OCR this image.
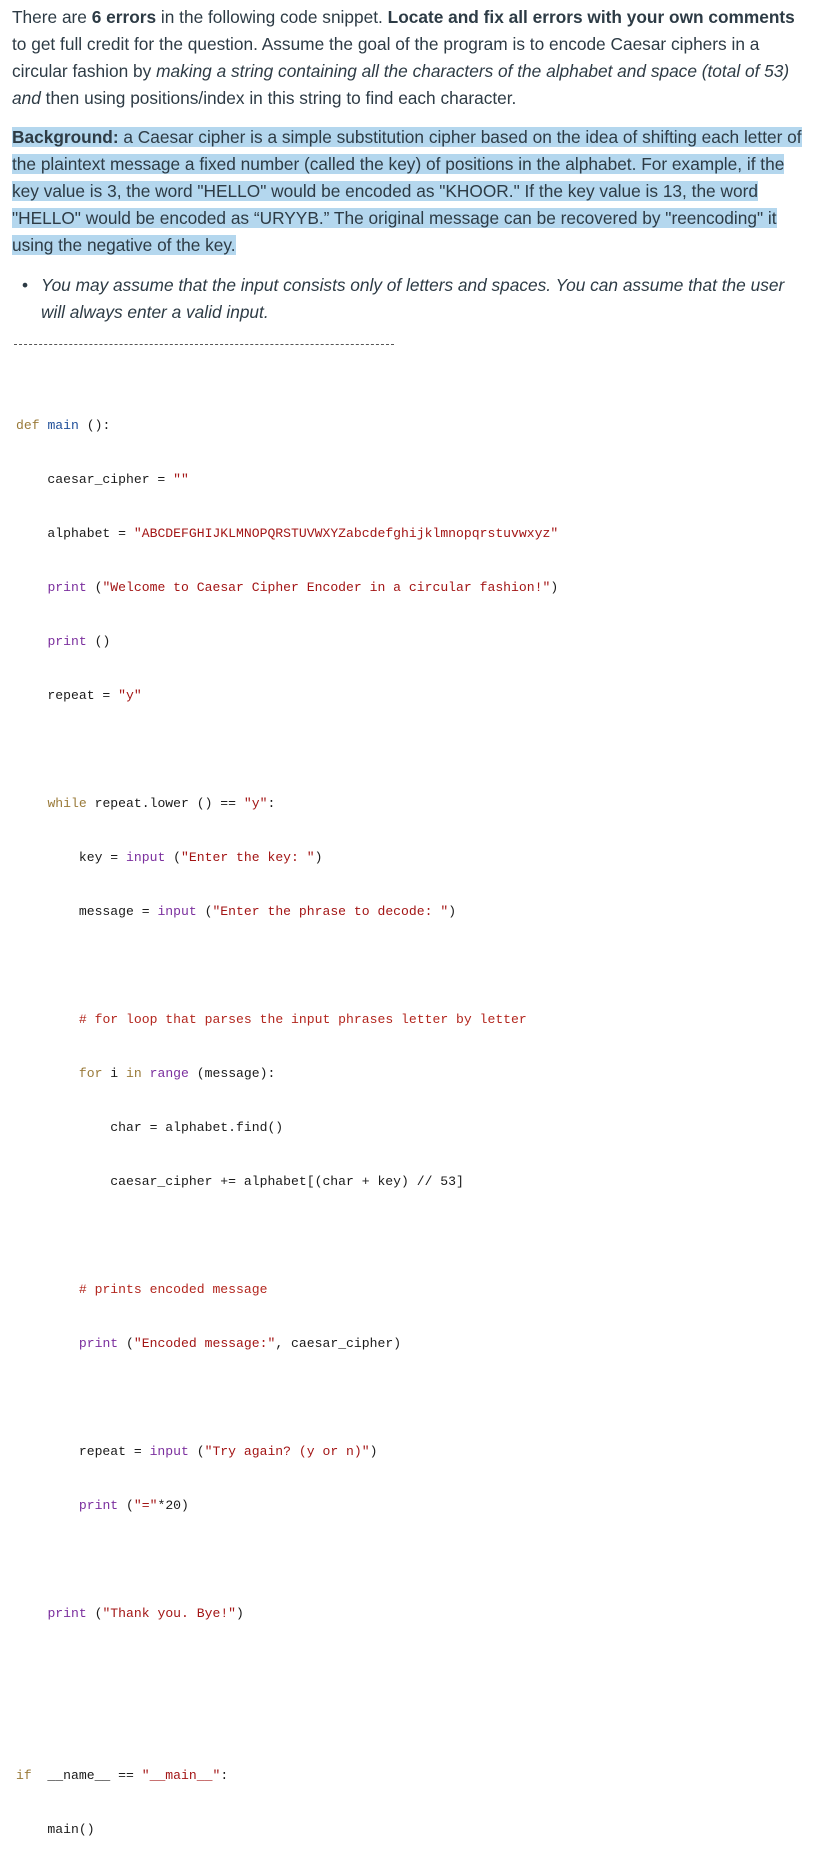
There are 6 errors in the following code snippet. Locate and fix all errors with your own comments to get full credit for the question. Assume the goal of the program is to encode Caesar ciphers in a circular fashion by making a string containing all the characters of the alphabet and space (total of 53) and then using positions/index in this string to find each character.

Background: a Caesar cipher is a simple substitution cipher based on the idea of shifting each letter of the plaintext message a fixed number (called the key) of positions in the alphabet. For example, if the key value is 3, the word "HELLO" would be encoded as "KHOOR." If the key value is 13, the word "HELLO" would be encoded as “URYYB.” The original message can be recovered by "reencoding" it using the negative of the key.

• You may assume that the input consists only of letters and spaces. You can assume that the user will always enter a valid input.

def main ():

caesar_cipher = ""

alphabet = "ABCDEFGHIJKLMNOPQRSTUVWXYZabcdefghijklmnopqrstuvwxyz"

print ("Welcome to Caesar Cipher Encoder in a circular fashion!")

print ()

repeat = "y"

while repeat.lower () == "y":

key = input ("Enter the key: ")

message = input ("Enter the phrase to decode: ")

# for loop that parses the input phrases letter by letter

for i in range (message):

char = alphabet.find()

caesar_cipher += alphabet[(char + key) // 53]

# prints encoded message

print ("Encoded message:", caesar_cipher)

repeat = input ("Try again? (y or n)")

print ("="*20)

print ("Thank you. Bye!")

if  __name__ == "__main__":

main()
